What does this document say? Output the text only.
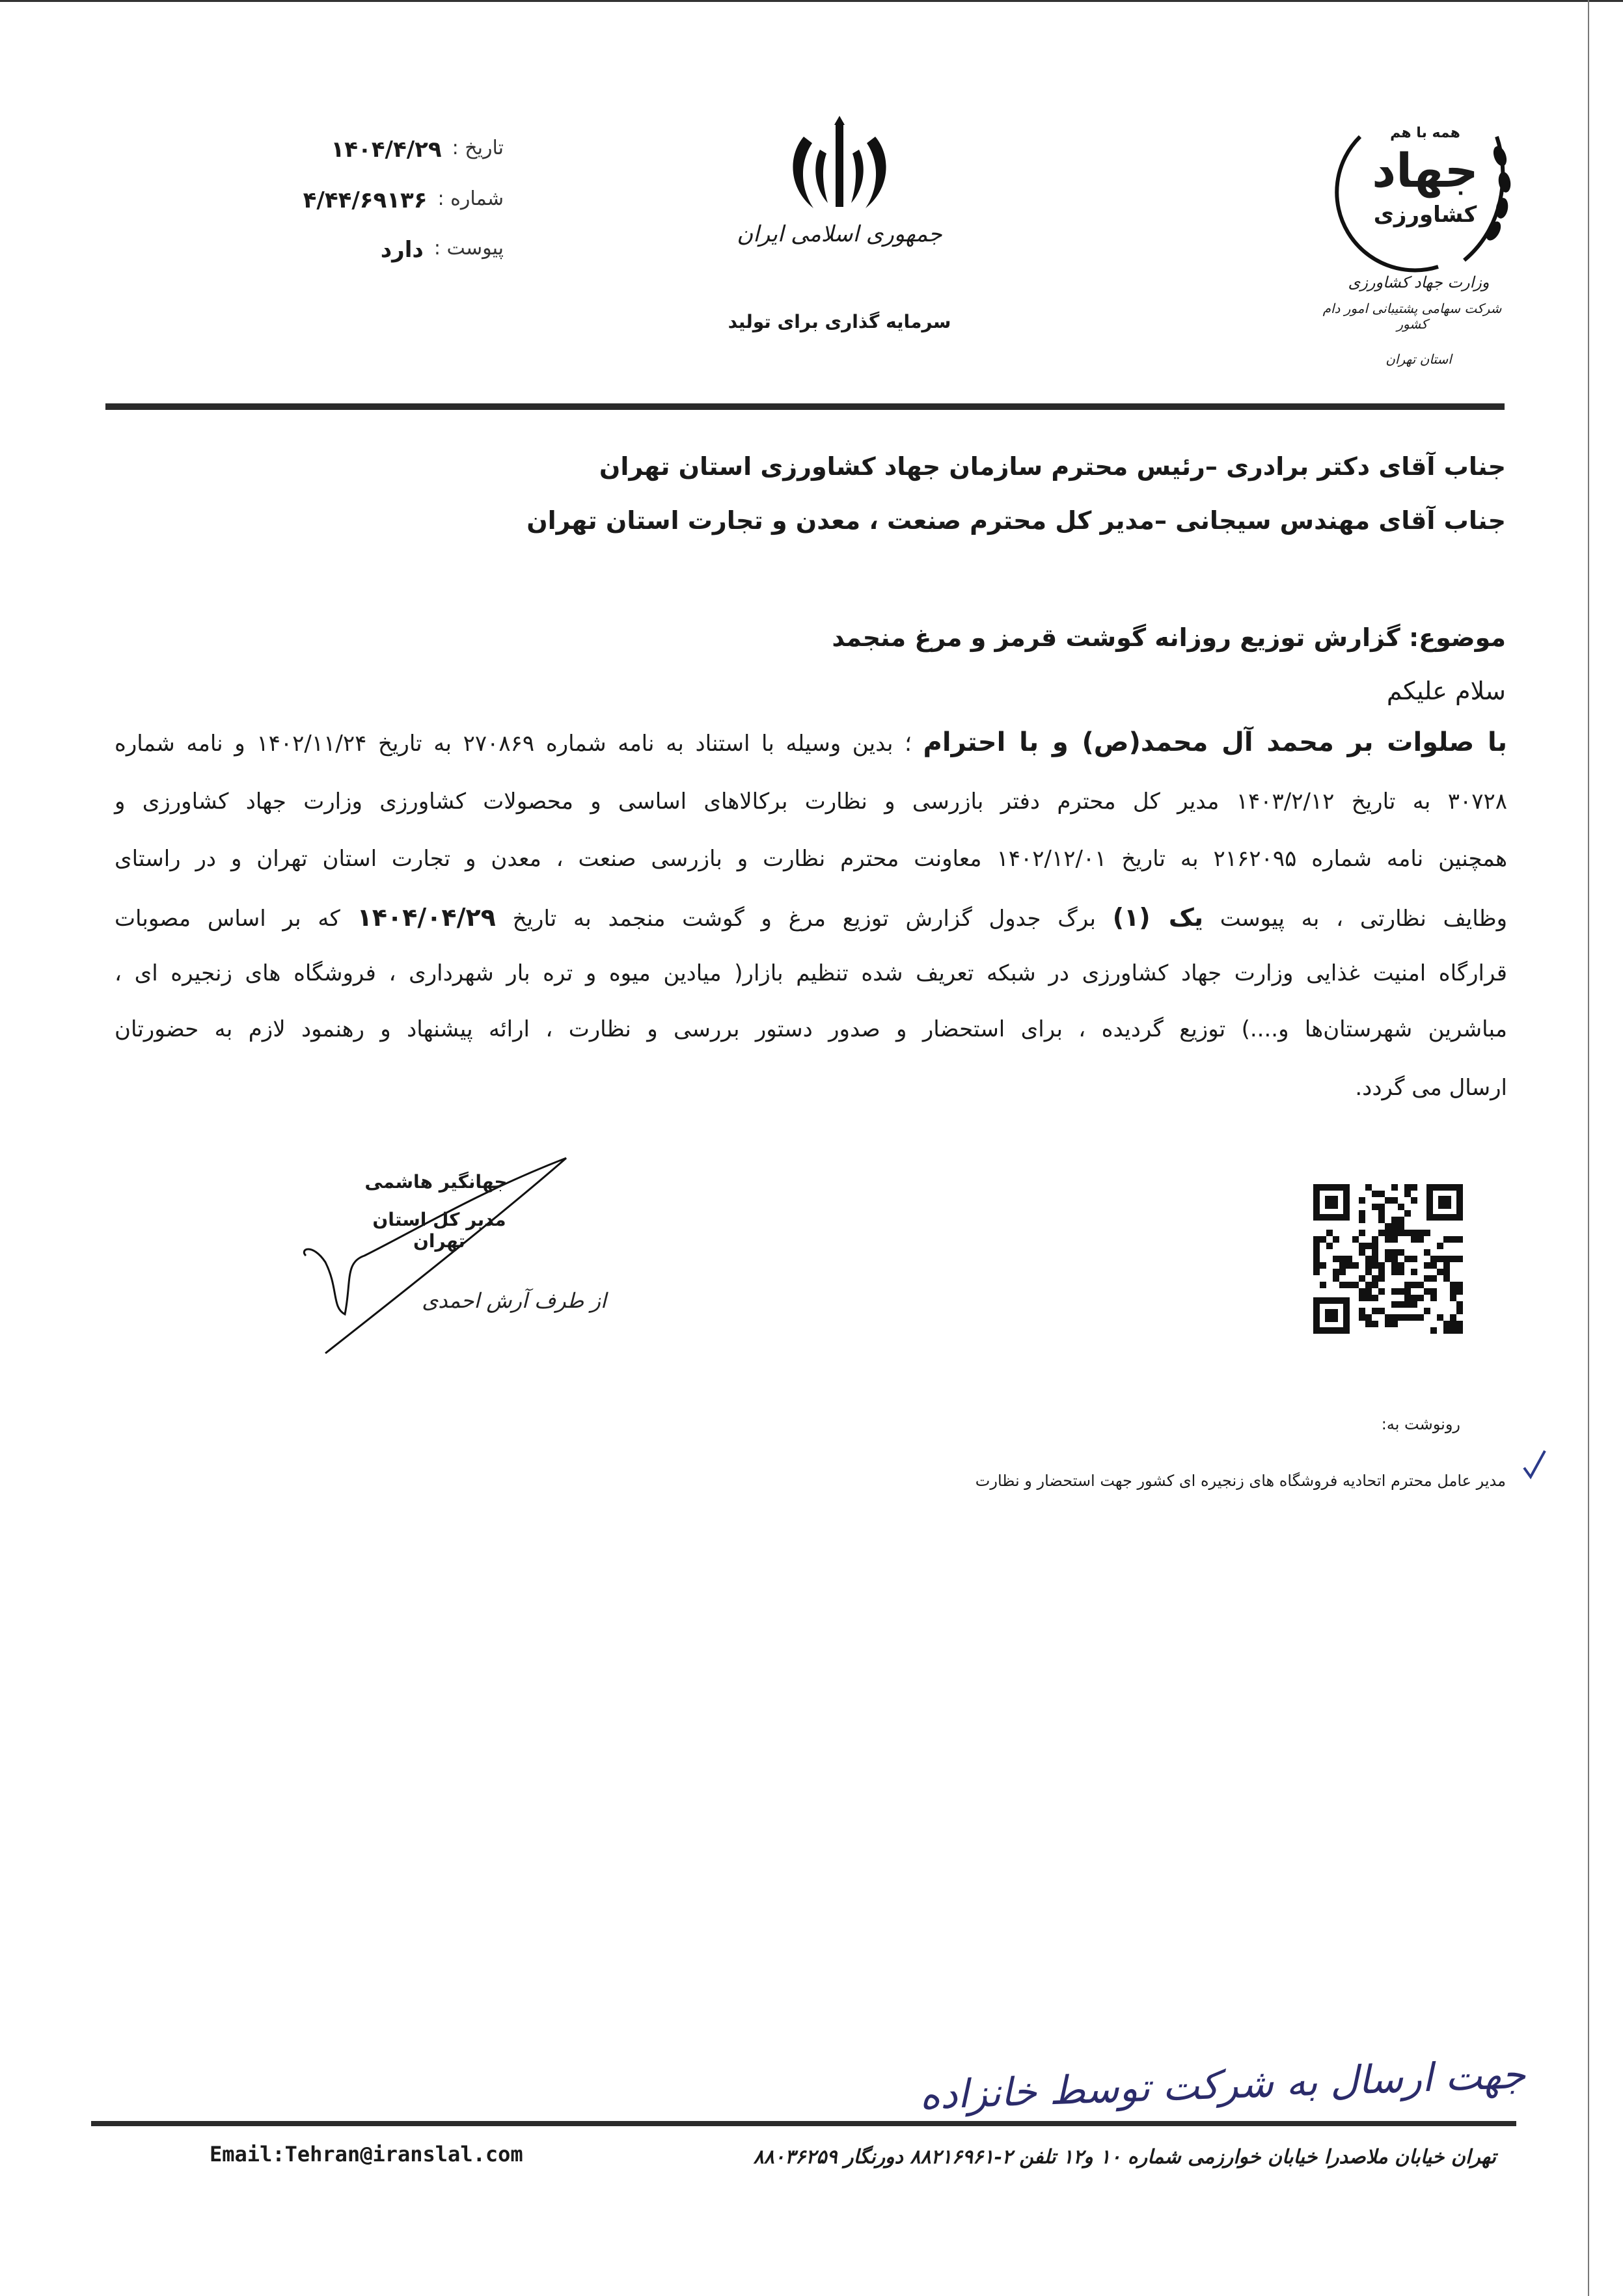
تاریخ :
۱۴۰۴/۴/۲۹
شماره :
۴/۴۴/۶۹۱۳۶
پیوست :
دارد
جمهوری اسلامی ایران
سرمایه گذاری برای تولید
همه با هم
جهاد
کشاورزی
وزارت جهاد کشاورزی
شرکت سهامی پشتیبانی امور دام کشور
استان تهران
جناب آقای دکتر برادری –رئیس محترم سازمان جهاد کشاورزی استان تهران
جناب آقای مهندس سیجانی –مدیر کل محترم صنعت ، معدن و تجارت استان تهران
موضوع: گزارش توزیع روزانه گوشت قرمز و مرغ منجمد
سلام علیکم
با صلوات بر محمد آل محمد(ص) و با احترام ؛ بدین وسیله با استناد به نامه شماره ۲۷۰۸۶۹ به تاریخ ۱۴۰۲/۱۱/۲۴ و نامه شماره
۳۰۷۲۸ به تاریخ ۱۴۰۳/۲/۱۲ مدیر کل محترم دفتر بازرسی و نظارت برکالاهای اساسی و محصولات کشاورزی وزارت جهاد کشاورزی و
همچنین نامه شماره ۲۱۶۲۰۹۵ به تاریخ ۱۴۰۲/۱۲/۰۱ معاونت محترم نظارت و بازرسی صنعت ، معدن و تجارت استان تهران و در راستای
وظایف نظارتی ، به پیوست یک (۱) برگ جدول گزارش توزیع مرغ و گوشت منجمد به تاریخ ۱۴۰۴/۰۴/۲۹ که بر اساس مصوبات
قرارگاه امنیت غذایی وزارت جهاد کشاورزی در شبکه تعریف شده تنظیم بازار( میادین میوه و تره بار شهرداری ، فروشگاه های زنجیره ای ،
مباشرین شهرستان‌ها و....) توزیع گردیده ، برای استحضار و صدور دستور بررسی و نظارت ، ارائه پیشنهاد و رهنمود لازم به حضورتان
ارسال می گردد.
جهانگیر هاشمی
مدیر کل استان تهران
از طرف آرش احمدی
رونوشت به:
مدیر عامل محترم اتحادیه فروشگاه های زنجیره ای کشور جهت استحضار و نظارت
جهت ارسال به شرکت توسط خانزاده
Email:Tehran@iranslal.com	تهران خیابان ملاصدرا خیابان خوارزمی شماره ۱۰ و۱۲ تلفن ۲-۸۸۲۱۶۹۶۱ دورنگار ۸۸۰۳۶۲۵۹
